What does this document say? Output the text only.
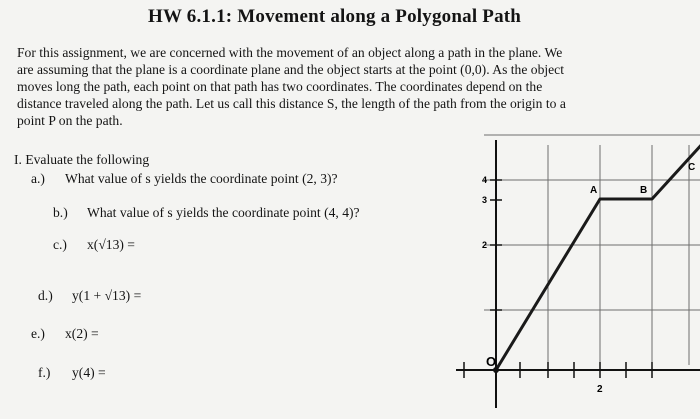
HW 6.1.1: Movement along a Polygonal Path

For this assignment, we are concerned with the movement of an object along a path in the plane. We

are assuming that the plane is a coordinate plane and the object starts at the point (0,0). As the object

moves long the path, each point on that path has two coordinates. The coordinates depend on the

distance traveled along the path. Let us call this distance S, the length of the path from the origin to a

point P on the path.

I. Evaluate the following
a.) What value of s yields the coordinate point (2, 3)?
b.) What value of s yields the coordinate point (4, 4)?
c.) x(√13) =
d.) y(1 + √13) =
e.) x(2) =
f.) y(4) =
4
3
2
2
O
A	B
C
